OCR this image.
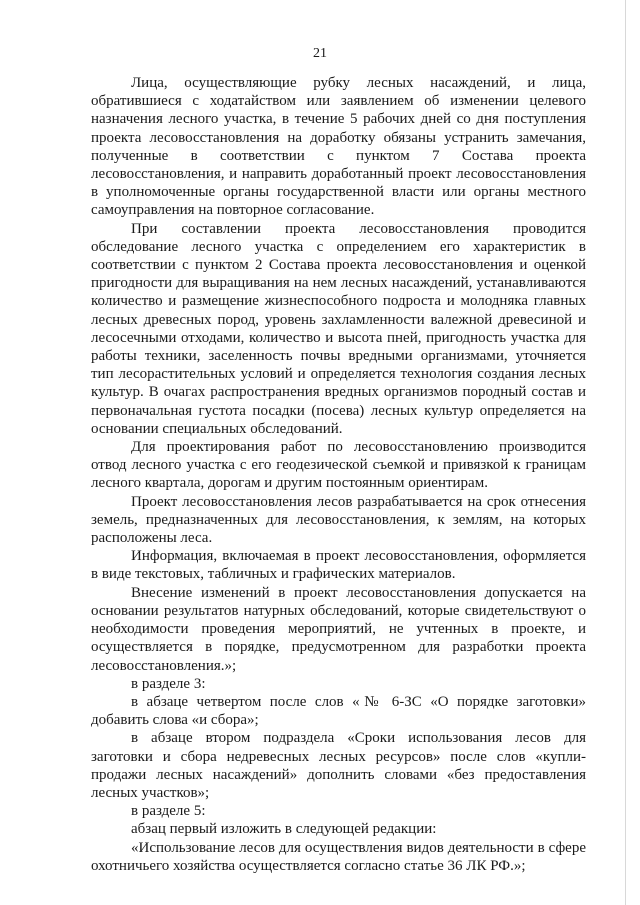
21

Лица, осуществляющие рубку лесных насаждений, и лица, обратившиеся с ходатайством или заявлением об изменении целевого назначения лесного участка, в течение 5 рабочих дней со дня поступления проекта лесовосстановления на доработку обязаны устранить замечания, полученные в соответствии с пунктом 7 Состава проекта лесовосстановления, и направить доработанный проект лесовосстановления в уполномоченные органы государственной власти или органы местного самоуправления на повторное согласование.

При составлении проекта лесовосстановления проводится обследование лесного участка с определением его характеристик в соответствии с пунктом 2 Состава проекта лесовосстановления и оценкой пригодности для выращивания на нем лесных насаждений, устанавливаются количество и размещение жизнеспособного подроста и молодняка главных лесных древесных пород, уровень захламленности валежной древесиной и лесосечными отходами, количество и высота пней, пригодность участка для работы техники, заселенность почвы вредными организмами, уточняется тип лесорастительных условий и определяется технология создания лесных культур. В очагах распространения вредных организмов породный состав и первоначальная густота посадки (посева) лесных культур определяется на основании специальных обследований.

Для проектирования работ по лесовосстановлению производится отвод лесного участка с его геодезической съемкой и привязкой к границам лесного квартала, дорогам и другим постоянным ориентирам.

Проект лесовосстановления лесов разрабатывается на срок отнесения земель, предназначенных для лесовосстановления, к землям, на которых расположены леса.

Информация, включаемая в проект лесовосстановления, оформляется в виде текстовых, табличных и графических материалов.

Внесение изменений в проект лесовосстановления допускается на основании результатов натурных обследований, которые свидетельствуют о необходимости проведения мероприятий, не учтенных в проекте, и осуществляется в порядке, предусмотренном для разработки проекта лесовосстановления.»;

в разделе 3:

в абзаце четвертом после слов «№ 6-ЗС «О порядке заготовки» добавить слова «и сбора»;

в абзаце втором подраздела «Сроки использования лесов для заготовки и сбора недревесных лесных ресурсов» после слов «купли-продажи лесных насаждений» дополнить словами «без предоставления лесных участков»;

в разделе 5:

абзац первый изложить в следующей редакции:

«Использование лесов для осуществления видов деятельности в сфере охотничьего хозяйства осуществляется согласно статье 36 ЛК РФ.»;
